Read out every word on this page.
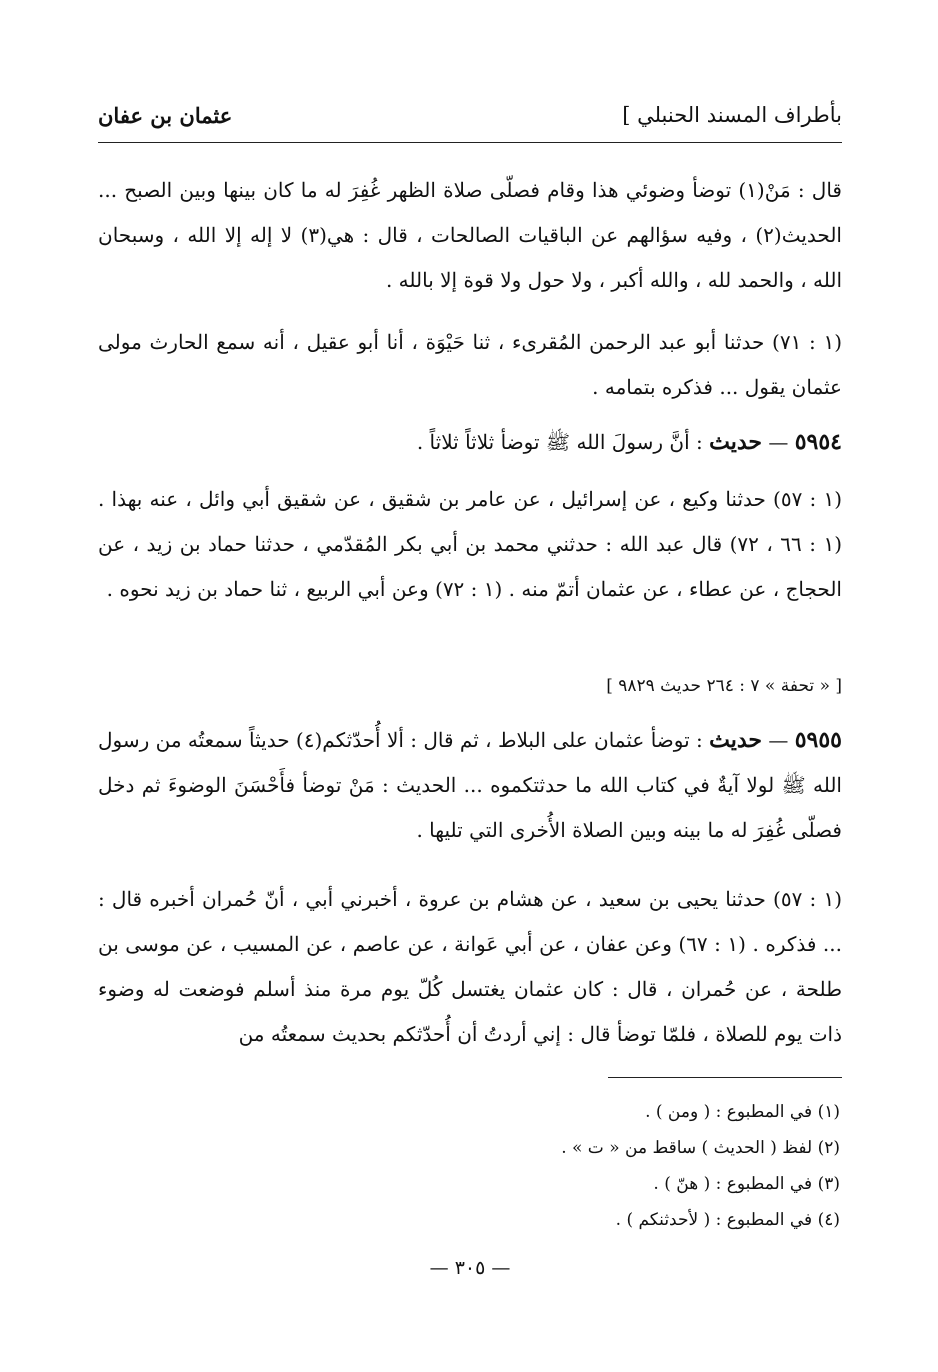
بأطراف المسند الحنبلي ]
عثمان بن عفان
قال : مَنْ(١) توضأ وضوئي هذا وقام فصلّى صلاة الظهر غُفِرَ له ما كان بينها وبين الصبح ... الحديث(٢) ، وفيه سؤالهم عن الباقيات الصالحات ، قال : هي(٣) لا إله إلا الله ، وسبحان الله ، والحمد لله ، والله أكبر ، ولا حول ولا قوة إلا بالله .
(١ : ٧١) حدثنا أبو عبد الرحمن المُقرىء ، ثنا حَيْوَة ، أنا أبو عقيل ، أنه سمع الحارث مولى عثمان يقول ... فذكره بتمامه .
٥٩٥٤ — حديث : أنَّ رسولَ الله ﷺ توضأ ثلاثاً ثلاثاً .
(١ : ٥٧) حدثنا وكيع ، عن إسرائيل ، عن عامر بن شقيق ، عن شقيق أبي وائل ، عنه بهذا . (١ : ٦٦ ، ٧٢) قال عبد الله : حدثني محمد بن أبي بكر المُقدّمي ، حدثنا حماد بن زيد ، عن الحجاج ، عن عطاء ، عن عثمان أتمّ منه . (١ : ٧٢) وعن أبي الربيع ، ثنا حماد بن زيد نحوه .
[ « تحفة » ٧ : ٢٦٤ حديث ٩٨٢٩ ]
٥٩٥٥ — حديث : توضأ عثمان على البلاط ، ثم قال : ألا أُحدّثكم(٤) حديثاً سمعتُه من رسول الله ﷺ لولا آيةٌ في كتاب الله ما حدثتكموه ... الحديث : مَنْ توضأ فأَحْسَنَ الوضوءَ ثم دخل فصلّى غُفِرَ له ما بينه وبين الصلاة الأُخرى التي تليها .
(١ : ٥٧) حدثنا يحيى بن سعيد ، عن هشام بن عروة ، أخبرني أبي ، أنّ حُمران أخبره قال : ... فذكره . (١ : ٦٧) وعن عفان ، عن أبي عَوانة ، عن عاصم ، عن المسيب ، عن موسى بن طلحة ، عن حُمران ، قال : كان عثمان يغتسل كُلّ يوم مرة منذ أسلم فوضعت له وضوء ذات يوم للصلاة ، فلمّا توضأ قال : إني أردتُ أن أُحدّثكم بحديث سمعتُه من
(١) في المطبوع : ( ومن ) .
(٢) لفظ ( الحديث ) ساقط من « ت » .
(٣) في المطبوع : ( هنّ ) .
(٤) في المطبوع : ( لأحدثنكم ) .
— ٣٠٥ —
